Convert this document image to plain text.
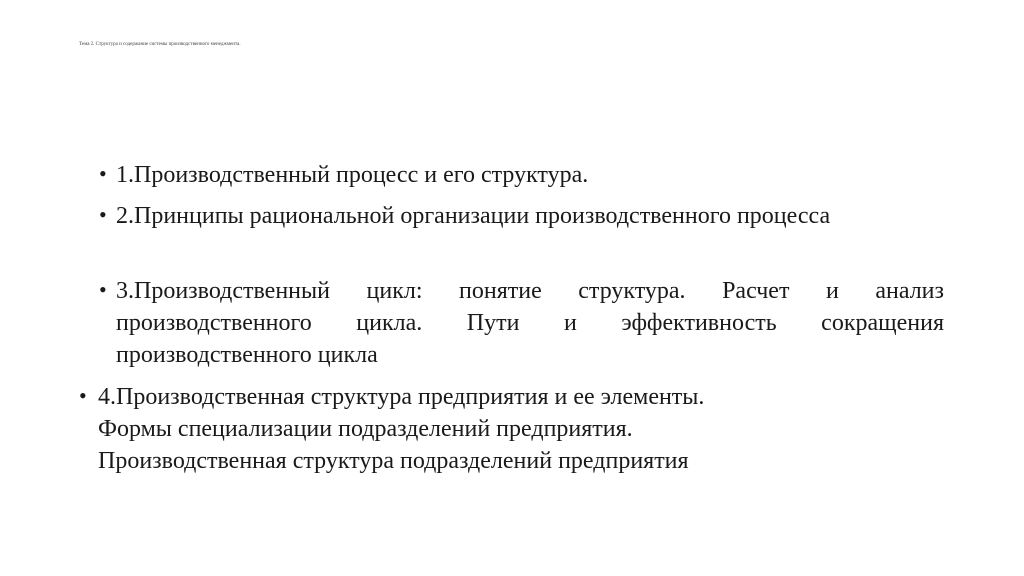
Тема 2. Структура и содержание системы производственного менеджмента.
• 1.Производственный процесс и его структура.
• 2.Принципы рациональной организации производственного процесса
• 3.Производственный цикл: понятие структура. Расчет и анализ производственного цикла. Пути и эффективность сокращения производственного цикла
• 4.Производственная структура предприятия и ее элементы.
Формы специализации подразделений предприятия.
Производственная структура подразделений предприятия
